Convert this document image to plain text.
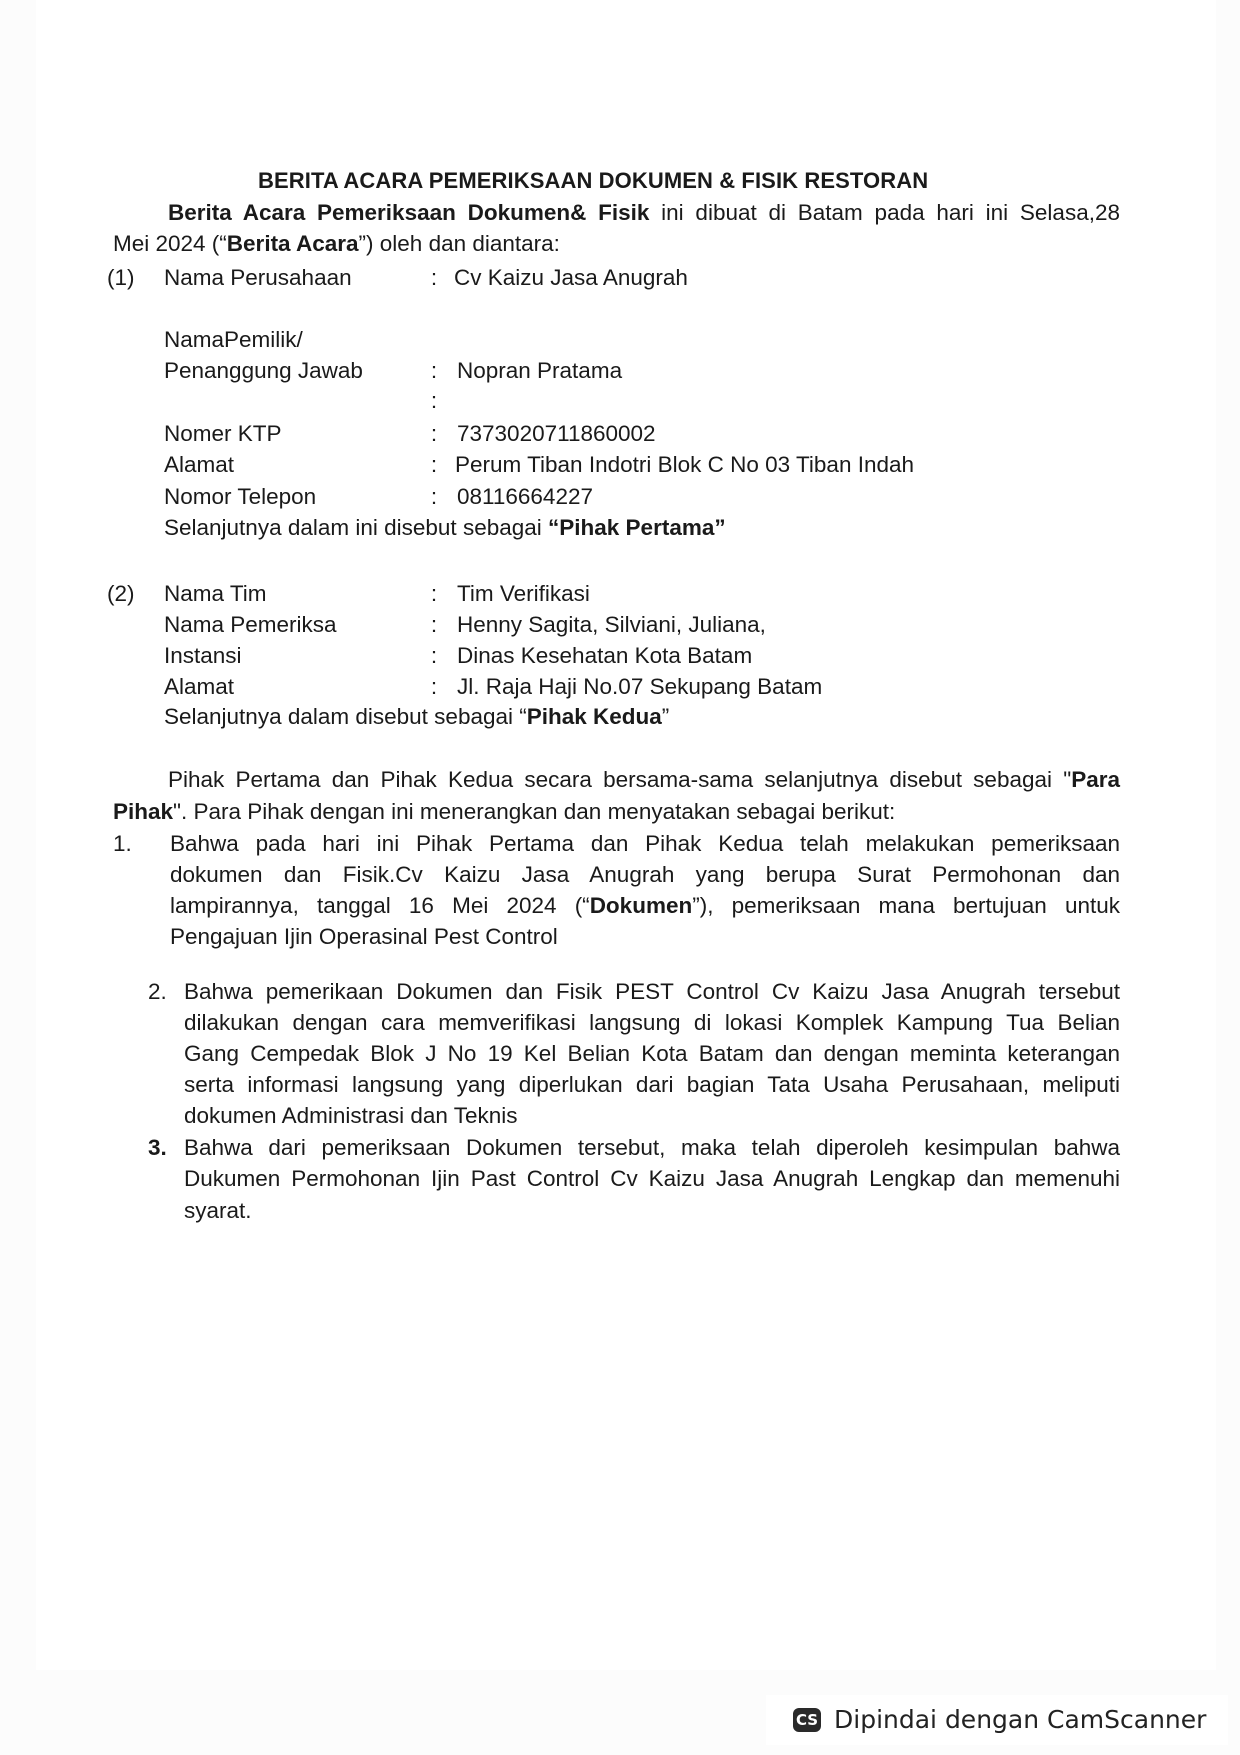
BERITA ACARA PEMERIKSAAN DOKUMEN & FISIK RESTORAN
Berita Acara Pemeriksaan Dokumen& Fisik ini dibuat di Batam pada hari ini Selasa,28
Mei 2024 (“Berita Acara”) oleh dan diantara:
(1) Nama Perusahaan	: Cv Kaizu Jasa Anugrah
NamaPemilik/
Penanggung Jawab	: Nopran Pratama
:
Nomer KTP	: 7373020711860002
Alamat	: Perum Tiban Indotri Blok C No 03 Tiban Indah
Nomor Telepon	: 08116664227
Selanjutnya dalam ini disebut sebagai “Pihak Pertama”
(2) Nama Tim	: Tim Verifikasi
Nama Pemeriksa	: Henny Sagita, Silviani, Juliana,
Instansi	: Dinas Kesehatan Kota Batam
Alamat	: Jl. Raja Haji No.07 Sekupang Batam
Selanjutnya dalam disebut sebagai “Pihak Kedua”
Pihak Pertama dan Pihak Kedua secara bersama-sama selanjutnya disebut sebagai "Para
Pihak". Para Pihak dengan ini menerangkan dan menyatakan sebagai berikut:
1. Bahwa pada hari ini Pihak Pertama dan Pihak Kedua telah melakukan pemeriksaan
dokumen dan Fisik.Cv Kaizu Jasa Anugrah yang berupa Surat Permohonan dan
lampirannya, tanggal 16 Mei 2024 (“Dokumen”), pemeriksaan mana bertujuan untuk
Pengajuan Ijin Operasinal Pest Control
2. Bahwa pemerikaan Dokumen dan Fisik PEST Control Cv Kaizu Jasa Anugrah tersebut
dilakukan dengan cara memverifikasi langsung di lokasi Komplek Kampung Tua Belian
Gang Cempedak Blok J No 19 Kel Belian Kota Batam dan dengan meminta keterangan
serta informasi langsung yang diperlukan dari bagian Tata Usaha Perusahaan, meliputi
dokumen Administrasi dan Teknis
3. Bahwa dari pemeriksaan Dokumen tersebut, maka telah diperoleh kesimpulan bahwa
Dukumen Permohonan Ijin Past Control Cv Kaizu Jasa Anugrah Lengkap dan memenuhi
syarat.
CS Dipindai dengan CamScanner
